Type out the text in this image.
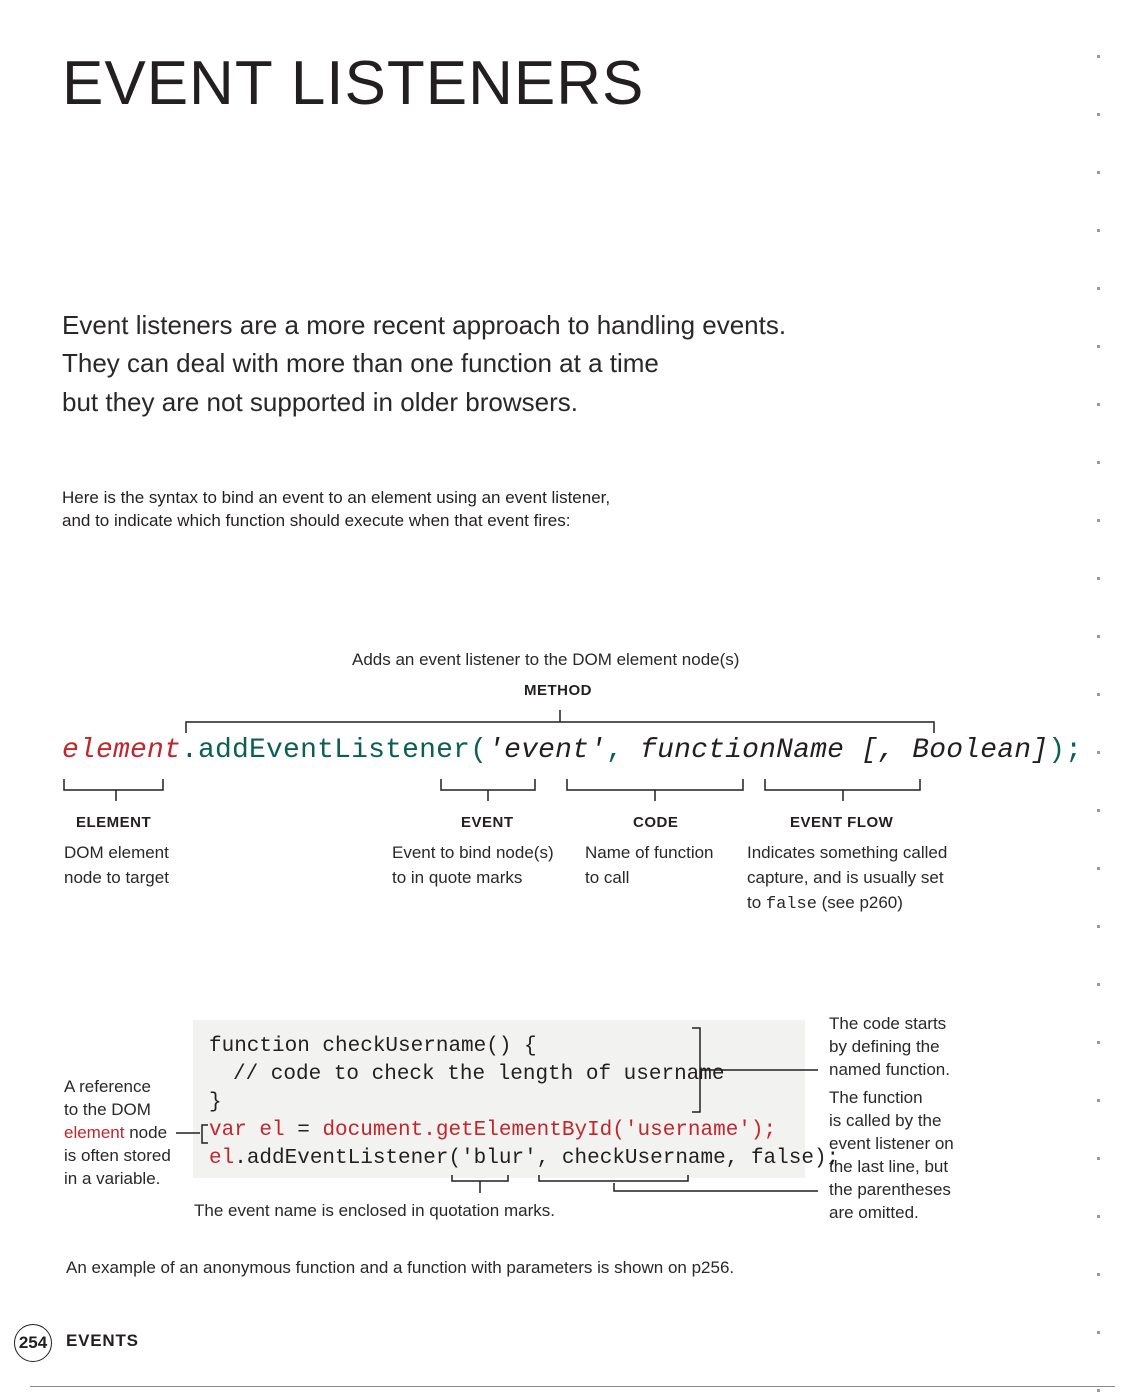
EVENT LISTENERS
Event listeners are a more recent approach to handling events.
They can deal with more than one function at a time
but they are not supported in older browsers.
Here is the syntax to bind an event to an element using an event listener,
and to indicate which function should execute when that event fires:
Adds an event listener to the DOM element node(s)
METHOD
element.addEventListener('event', functionName [, Boolean]);
ELEMENT
DOM element
node to target
EVENT
Event to bind node(s)
to in quote marks
CODE
Name of function
to call
EVENT FLOW
Indicates something called
capture, and is usually set
to false (see p260)
function checkUsername() {
// code to check the length of username
}
var el = document.getElementById('username');
el.addEventListener('blur', checkUsername, false);
A reference
to the DOM
element node
is often stored
in a variable.
The code starts
by defining the
named function.
The function
is called by the
event listener on
the last line, but
the parentheses
are omitted.
The event name is enclosed in quotation marks.
An example of an anonymous function and a function with parameters is shown on p256.
254 EVENTS
